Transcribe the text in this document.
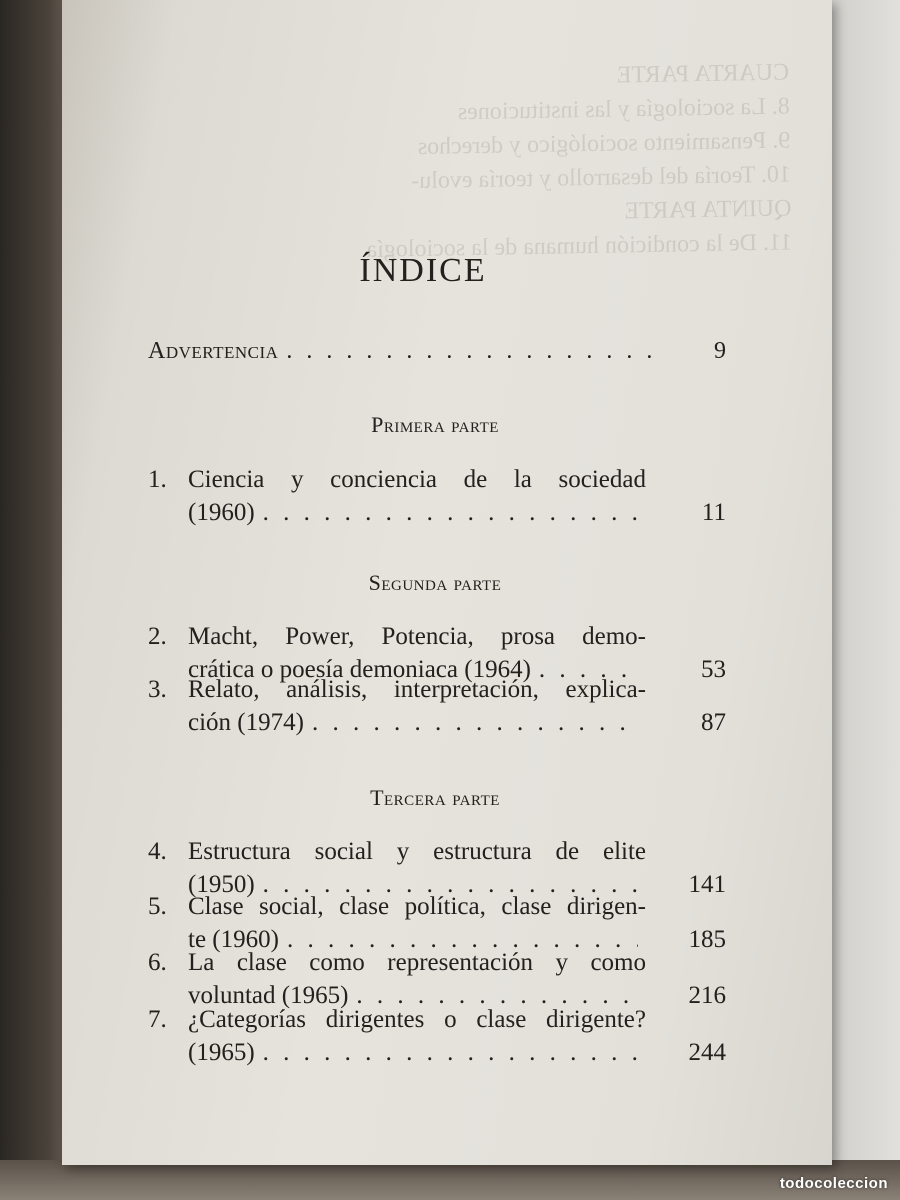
CUARTA PARTE
8. La sociología y las instituciones
9. Pensamiento sociológico y derechos
10. Teoría del desarrollo y teoría evolu-
QUINTA PARTE
11. De la condición humana de la sociología
ÍNDICE
Advertencia . . .	9
Primera parte
1. Ciencia y conciencia de la sociedad
(1960) . . .	11
Segunda parte
2. Macht, Power, Potencia, prosa demo-
crática o poesía demoniaca (1964) . . .	53
3. Relato, análisis, interpretación, explica-
ción (1974) . . .	87
Tercera parte
4. Estructura social y estructura de elite
(1950) . . .	141
5. Clase social, clase política, clase dirigen-
te (1960) . . .	185
6. La clase como representación y como
voluntad (1965) . . .	216
7. ¿Categorías dirigentes o clase dirigente?
(1965) . . .	244
todocoleccion
